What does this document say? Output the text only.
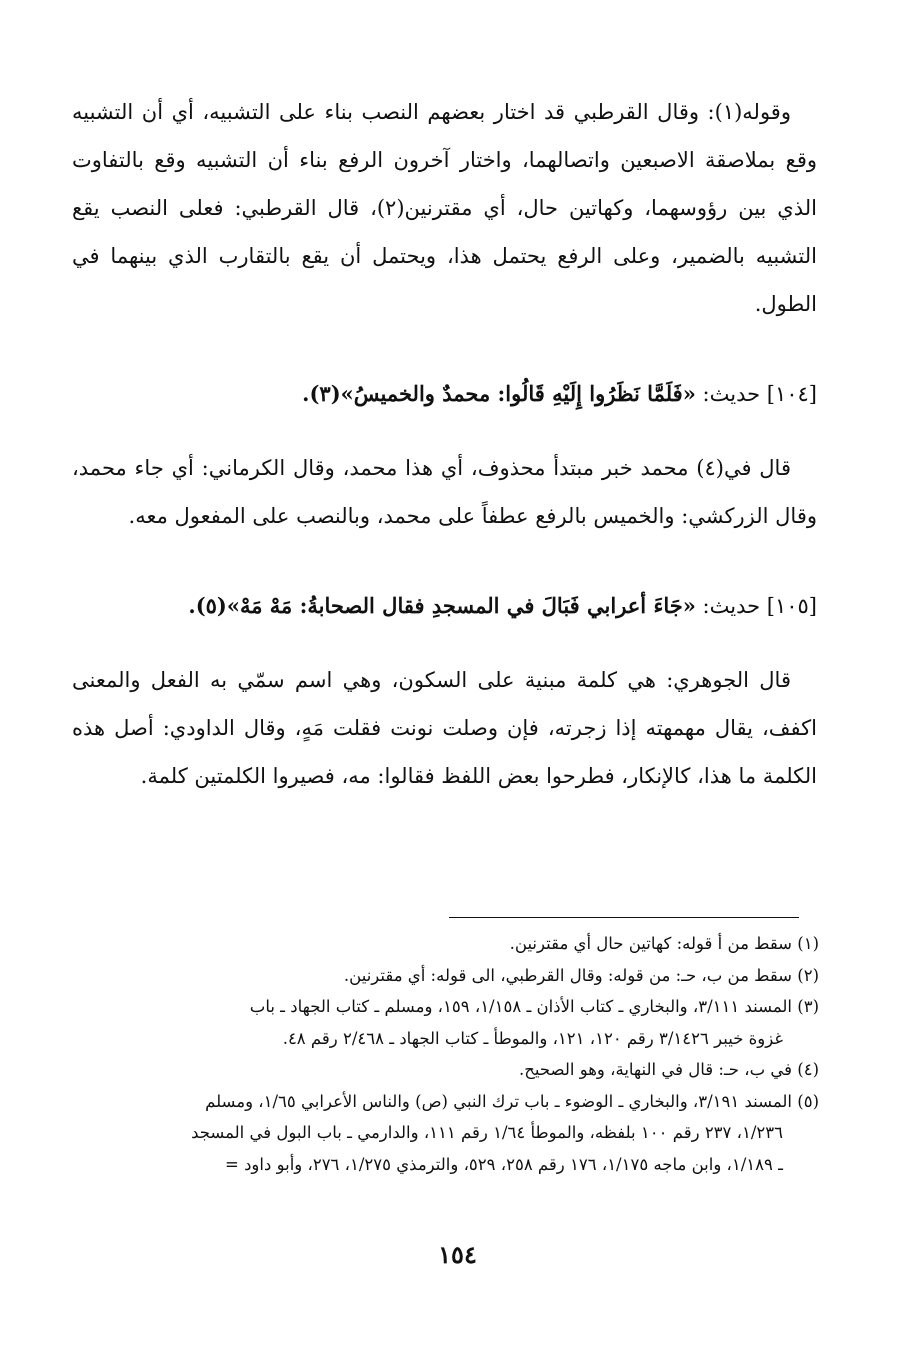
وقوله(١): وقال القرطبي قد اختار بعضهم النصب بناء على التشبيه، أي أن التشبيه وقع بملاصقة الاصبعين واتصالهما، واختار آخرون الرفع بناء أن التشبيه وقع بالتفاوت الذي بين رؤوسهما، وكهاتين حال، أي مقترنين(٢)، قال القرطبي: فعلى النصب يقع التشبيه بالضمير، وعلى الرفع يحتمل هذا، ويحتمل أن يقع بالتقارب الذي بينهما في الطول.

[١٠٤] حديث: «فَلَمَّا نَظَرُوا إِلَيْهِ قَالُوا: محمدٌ والخميسُ»(٣).

قال في(٤) محمد خبر مبتدأ محذوف، أي هذا محمد، وقال الكرماني: أي جاء محمد، وقال الزركشي: والخميس بالرفع عطفاً على محمد، وبالنصب على المفعول معه.

[١٠٥] حديث: «جَاءَ أعرابي فَبَالَ في المسجدِ فقال الصحابةُ: مَهْ مَهْ»(٥).

قال الجوهري: هي كلمة مبنية على السكون، وهي اسم سمّي به الفعل والمعنى اكفف، يقال مهمهته إذا زجرته، فإن وصلت نونت فقلت مَهٍ، وقال الداودي: أصل هذه الكلمة ما هذا، كالإنكار، فطرحوا بعض اللفظ فقالوا: مه، فصيروا الكلمتين كلمة.

(١) سقط من أ قوله: كهاتين حال أي مقترنين.

(٢) سقط من ب، حـ: من قوله: وقال القرطبي، الى قوله: أي مقترنين.

(٣) المسند ٣/١١١، والبخاري ـ كتاب الأذان ـ ١/١٥٨، ١٥٩، ومسلم ـ كتاب الجهاد ـ باب
غزوة خيبر ٣/١٤٢٦ رقم ١٢٠، ١٢١، والموطأ ـ كتاب الجهاد ـ ٢/٤٦٨ رقم ٤٨.

(٤) في ب، حـ: قال في النهاية، وهو الصحيح.

(٥) المسند ٣/١٩١، والبخاري ـ الوضوء ـ باب ترك النبي (ص) والناس الأعرابي ١/٦٥، ومسلم
١/٢٣٦، ٢٣٧ رقم ١٠٠ بلفظه، والموطأ ١/٦٤ رقم ١١١، والدارمي ـ باب البول في المسجد
ـ ١/١٨٩، وابن ماجه ١/١٧٥، ١٧٦ رقم ٢٥٨، ٥٢٩، والترمذي ١/٢٧٥، ٢٧٦، وأبو داود =

١٥٤
